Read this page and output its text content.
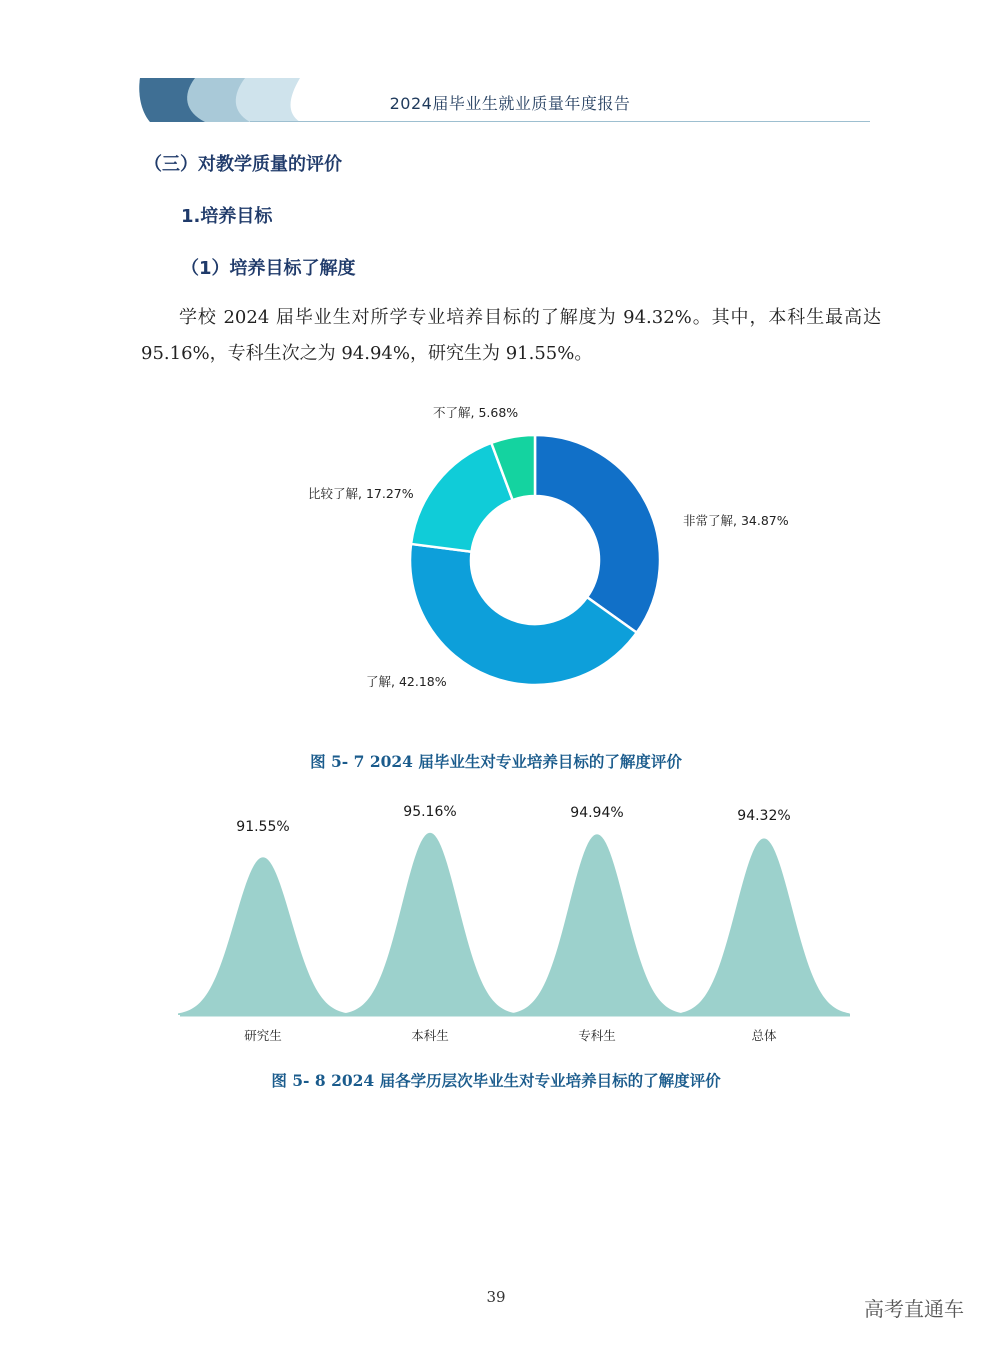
2024届毕业生就业质量年度报告
（三）对教学质量的评价
1.培养目标
（1）培养目标了解度
学校 2024 届毕业生对所学专业培养目标的了解度为 94.32%。其中，本科生最高达 95.16%，专科生次之为 94.94%，研究生为 91.55%。
非常了解, 34.87%
了解, 42.18%
比较了解, 17.27%
不了解, 5.68%
图 5- 7 2024 届毕业生对专业培养目标的了解度评价
91.55%
95.16%	94.94%	94.32%
研究生	本科生	专科生	总体
图 5- 8 2024 届各学历层次毕业生对专业培养目标的了解度评价
39	高考直通车
